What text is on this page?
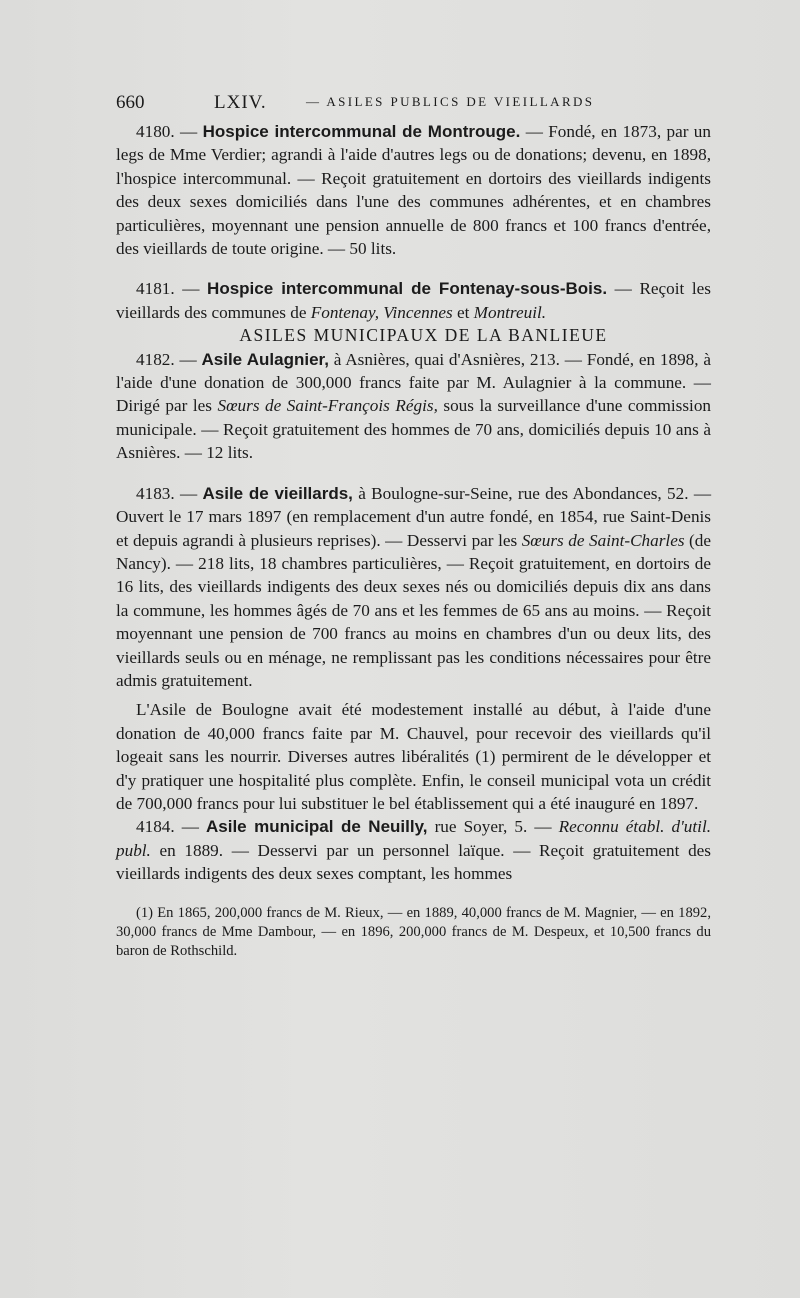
660	LXIV.	— ASILES PUBLICS DE VIEILLARDS

4180. — Hospice intercommunal de Montrouge. — Fondé, en 1873, par un legs de Mme Verdier; agrandi à l'aide d'autres legs ou de donations; devenu, en 1898, l'hospice intercommunal. — Reçoit gratuitement en dortoirs des vieillards indigents des deux sexes domiciliés dans l'une des communes adhérentes, et en chambres particulières, moyennant une pension annuelle de 800 francs et 100 francs d'entrée, des vieillards de toute origine. — 50 lits.

4181. — Hospice intercommunal de Fontenay-sous-Bois. — Reçoit les vieillards des communes de Fontenay, Vincennes et Montreuil.

ASILES MUNICIPAUX DE LA BANLIEUE

4182. — Asile Aulagnier, à Asnières, quai d'Asnières, 213. — Fondé, en 1898, à l'aide d'une donation de 300,000 francs faite par M. Aulagnier à la commune. — Dirigé par les Sœurs de Saint-François Régis, sous la surveillance d'une commission municipale. — Reçoit gratuitement des hommes de 70 ans, domiciliés depuis 10 ans à Asnières. — 12 lits.

4183. — Asile de vieillards, à Boulogne-sur-Seine, rue des Abondances, 52. — Ouvert le 17 mars 1897 (en remplacement d'un autre fondé, en 1854, rue Saint-Denis et depuis agrandi à plusieurs reprises). — Desservi par les Sœurs de Saint-Charles (de Nancy). — 218 lits, 18 chambres particulières, — Reçoit gratuitement, en dortoirs de 16 lits, des vieillards indigents des deux sexes nés ou domiciliés depuis dix ans dans la commune, les hommes âgés de 70 ans et les femmes de 65 ans au moins. — Reçoit moyennant une pension de 700 francs au moins en chambres d'un ou deux lits, des vieillards seuls ou en ménage, ne remplissant pas les conditions nécessaires pour être admis gratuitement.

L'Asile de Boulogne avait été modestement installé au début, à l'aide d'une donation de 40,000 francs faite par M. Chauvel, pour recevoir des vieillards qu'il logeait sans les nourrir. Diverses autres libéralités (1) permirent de le développer et d'y pratiquer une hospitalité plus complète. Enfin, le conseil municipal vota un crédit de 700,000 francs pour lui substituer le bel établissement qui a été inauguré en 1897.

4184. — Asile municipal de Neuilly, rue Soyer, 5. — Reconnu établ. d'util. publ. en 1889. — Desservi par un personnel laïque. — Reçoit gratuitement des vieillards indigents des deux sexes comptant, les hommes

(1) En 1865, 200,000 francs de M. Rieux, — en 1889, 40,000 francs de M. Magnier, — en 1892, 30,000 francs de Mme Dambour, — en 1896, 200,000 francs de M. Despeux, et 10,500 francs du baron de Rothschild.
